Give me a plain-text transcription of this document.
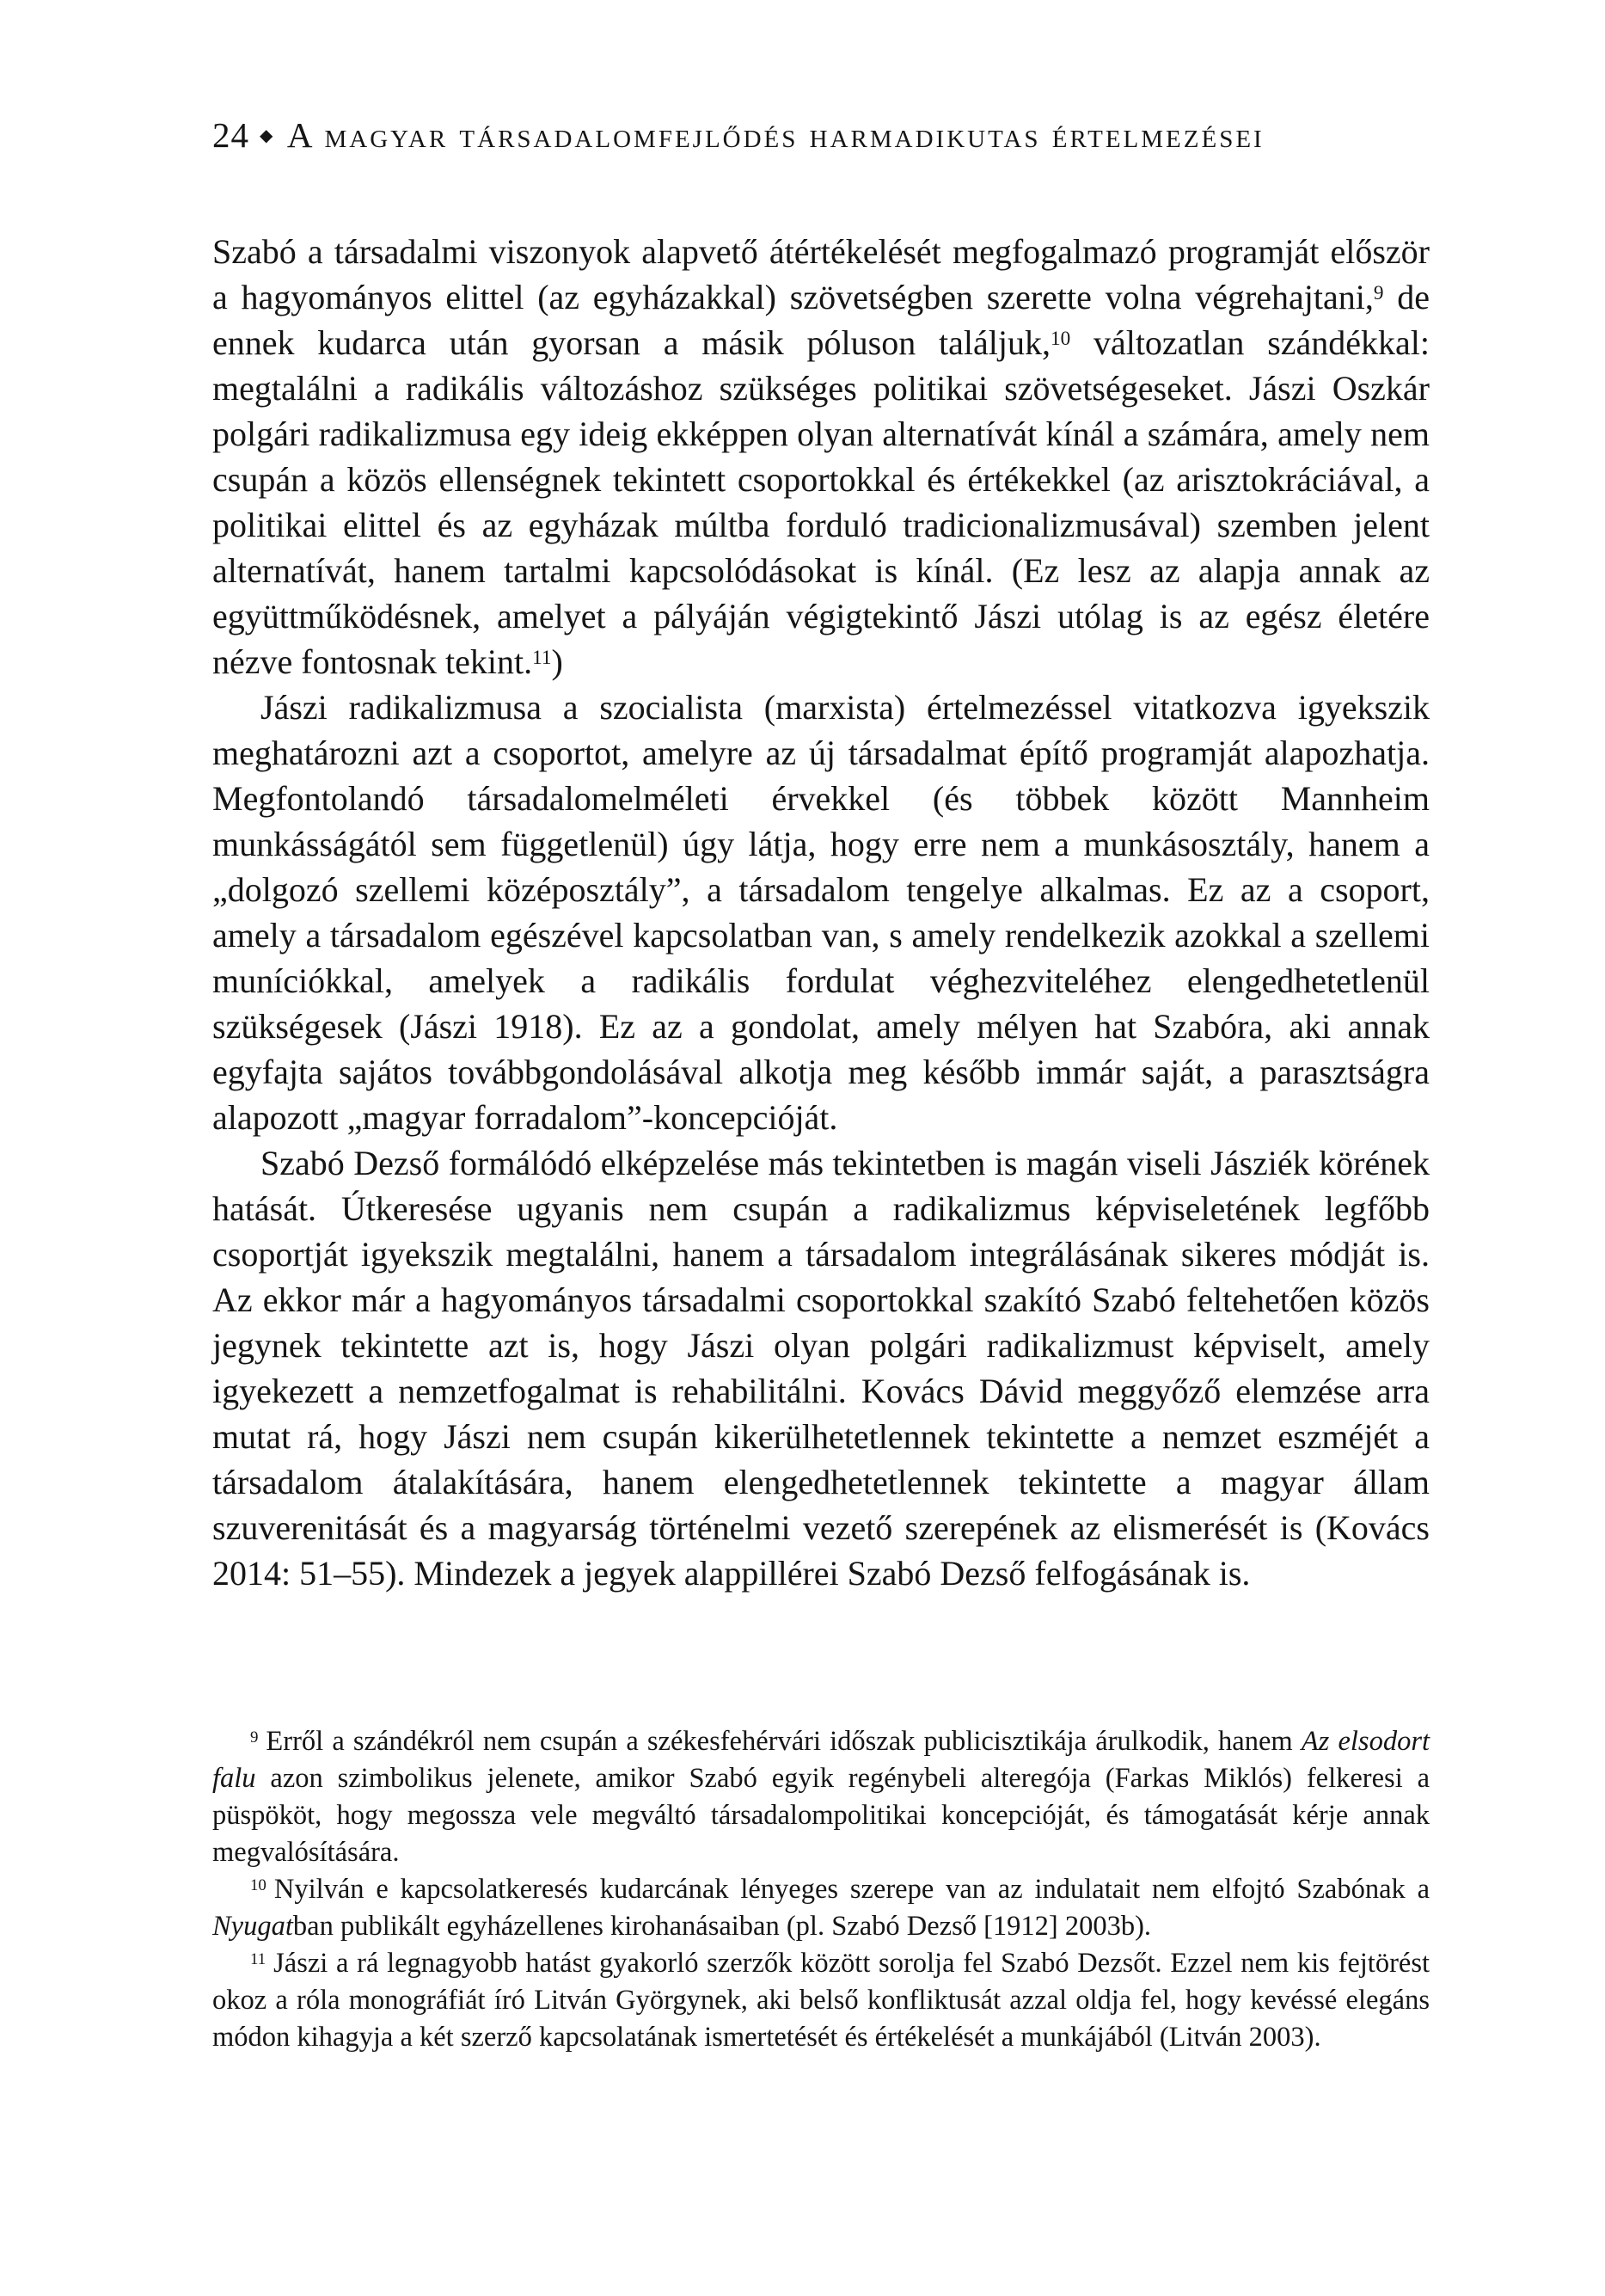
24 ◆ A magyar társadalomfejlődés harmadikutas értelmezései

Szabó a társadalmi viszonyok alapvető átértékelését megfogalmazó programját először a hagyományos elittel (az egyházakkal) szövetségben szerette volna végrehajtani,$^9$ de ennek kudarca után gyorsan a másik póluson találjuk,$^{10}$ változatlan szándékkal: megtalálni a radikális változáshoz szükséges politikai szövetségeseket. Jászi Oszkár polgári radikalizmusa egy ideig ekképpen olyan alternatívát kínál a számára, amely nem csupán a közös ellenségnek tekintett csoportokkal és értékekkel (az arisztokráciával, a politikai elittel és az egyházak múltba forduló tradicionalizmusával) szemben jelent alternatívát, hanem tartalmi kapcsolódásokat is kínál. (Ez lesz az alapja annak az együttműködésnek, amelyet a pályáján végigtekintő Jászi utólag is az egész életére nézve fontosnak tekint.$^{11}$)

Jászi radikalizmusa a szocialista (marxista) értelmezéssel vitatkozva igyekszik meghatározni azt a csoportot, amelyre az új társadalmat építő programját alapozhatja. Megfontolandó társadalomelméleti érvekkel (és többek között Mannheim munkásságától sem függetlenül) úgy látja, hogy erre nem a munkásosztály, hanem a „dolgozó szellemi középosztály”, a társadalom tengelye alkalmas. Ez az a csoport, amely a társadalom egészével kapcsolatban van, s amely rendelkezik azokkal a szellemi muníciókkal, amelyek a radikális fordulat véghezviteléhez elengedhetetlenül szükségesek (Jászi 1918). Ez az a gondolat, amely mélyen hat Szabóra, aki annak egyfajta sajátos továbbgondolásával alkotja meg később immár saját, a parasztságra alapozott „magyar forradalom”-koncepcióját.

Szabó Dezső formálódó elképzelése más tekintetben is magán viseli Jásziék körének hatását. Útkeresése ugyanis nem csupán a radikalizmus képviseletének legfőbb csoportját igyekszik megtalálni, hanem a társadalom integrálásának sikeres módját is. Az ekkor már a hagyományos társadalmi csoportokkal szakító Szabó feltehetően közös jegynek tekintette azt is, hogy Jászi olyan polgári radikalizmust képviselt, amely igyekezett a nemzetfogalmat is rehabilitálni. Kovács Dávid meggyőző elemzése arra mutat rá, hogy Jászi nem csupán kikerülhetetlennek tekintette a nemzet eszméjét a társadalom átalakítására, hanem elengedhetetlennek tekintette a magyar állam szuverenitását és a magyarság történelmi vezető szerepének az elismerését is (Kovács 2014: 51–55). Mindezek a jegyek alappillérei Szabó Dezső felfogásának is.

$^9$ Erről a szándékról nem csupán a székesfehérvári időszak publicisztikája árulkodik, hanem Az elsodort falu azon szimbolikus jelenete, amikor Szabó egyik regénybeli alteregója (Farkas Miklós) felkeresi a püspököt, hogy megossza vele megváltó társadalompolitikai koncepcióját, és támogatását kérje annak megvalósítására.

$^{10}$ Nyilván e kapcsolatkeresés kudarcának lényeges szerepe van az indulatait nem elfojtó Szabónak a Nyugatban publikált egyházellenes kirohanásaiban (pl. Szabó Dezső [1912] 2003b).

$^{11}$ Jászi a rá legnagyobb hatást gyakorló szerzők között sorolja fel Szabó Dezsőt. Ezzel nem kis fejtörést okoz a róla monográfiát író Litván Györgynek, aki belső konfliktusát azzal oldja fel, hogy kevéssé elegáns módon kihagyja a két szerző kapcsolatának ismertetését és értékelését a munkájából (Litván 2003).
